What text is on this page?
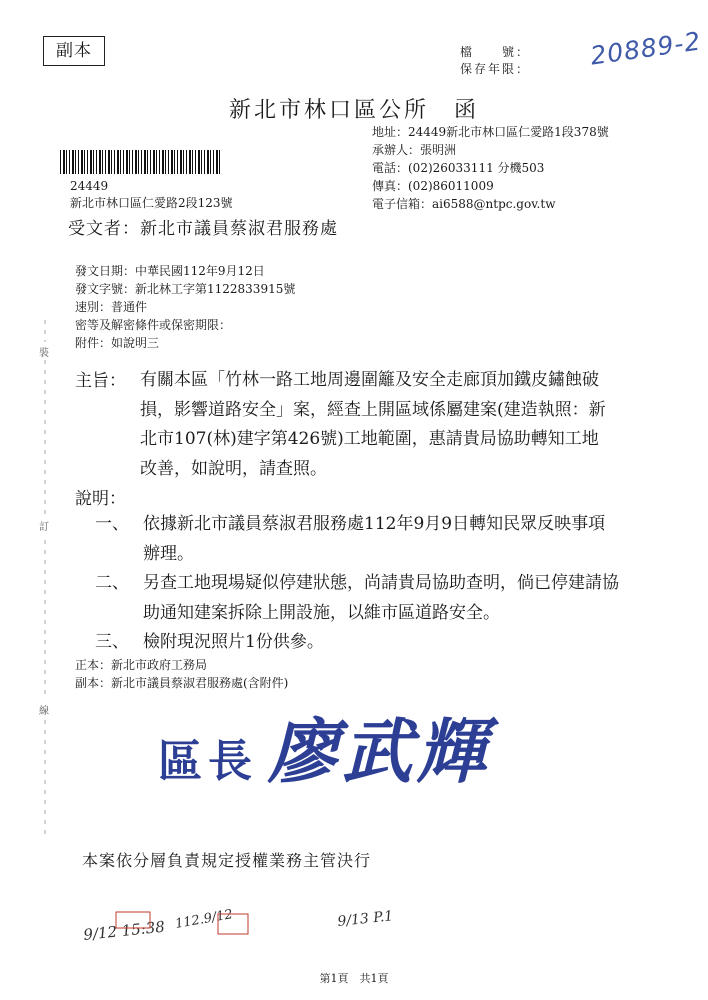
副本	檔　　號：
保存年限： 20889-2
新北市林口區公所　函
地址：24449新北市林口區仁愛路1段378號
承辦人：張明洲
電話：(02)26033111 分機503
傳真：(02)86011009
電子信箱：ai6588@ntpc.gov.tw
24449
新北市林口區仁愛路2段123號
受文者：新北市議員蔡淑君服務處
發文日期：中華民國112年9月12日
發文字號：新北林工字第1122833915號
速別：普通件
密等及解密條件或保密期限：
附件：如說明三
主旨： 有關本區「竹林一路工地周邊圍籬及安全走廊頂加鐵皮鏽蝕破損，影響道路安全」案，經查上開區域係屬建案(建造執照：新北市107(林)建字第426號)工地範圍，惠請貴局協助轉知工地改善，如說明，請查照。
說明：
一、 依據新北市議員蔡淑君服務處112年9月9日轉知民眾反映事項辦理。
二、 另查工地現場疑似停建狀態，尚請貴局協助查明，倘已停建請協助通知建案拆除上開設施，以維市區道路安全。
三、 檢附現況照片1份供參。
正本：新北市政府工務局
副本：新北市議員蔡淑君服務處(含附件)
區長 廖武輝
本案依分層負責規定授權業務主管決行
裝
訂
線
9/12 15:38 112.9/12	9/13 P.1
第1頁　共1頁
